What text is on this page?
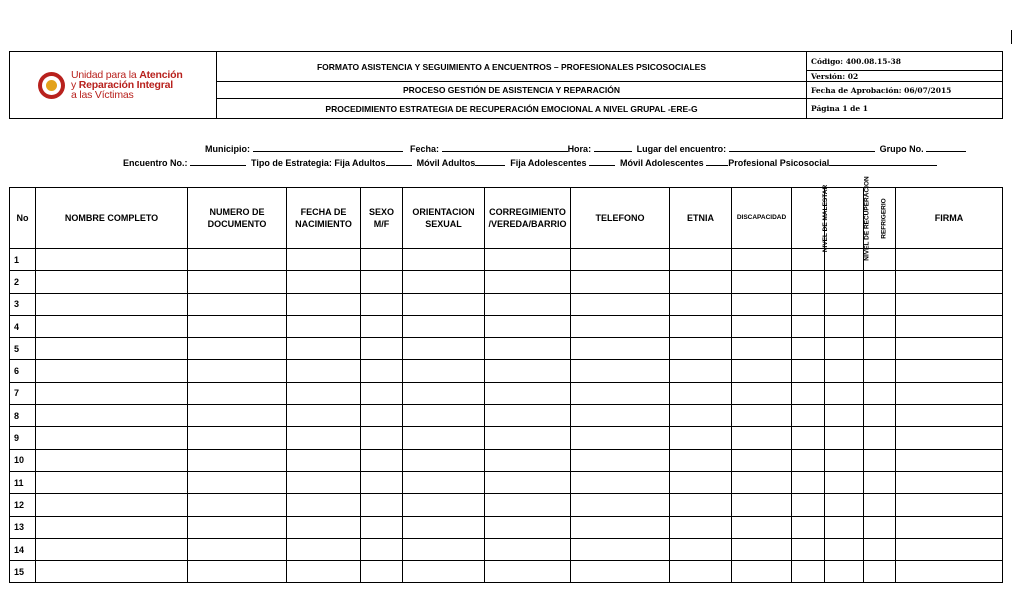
Unidad para la Atención
y Reparación Integral
a las Víctimas	FORMATO ASISTENCIA Y SEGUIMIENTO A ENCUENTROS – PROFESIONALES PSICOSOCIALES	Código: 400.08.15-38
		Versión: 02
	PROCESO GESTIÓN DE ASISTENCIA Y REPARACIÓN	Fecha de Aprobación: 06/07/2015
	PROCEDIMIENTO ESTRATEGIA DE RECUPERACIÓN EMOCIONAL A NIVEL GRUPAL -ERE-G	Página 1 de 1
Municipio:	Fecha:	Hora:	Lugar del encuentro:	Grupo No.
Encuentro No.:	Tipo de Estrategia: Fija Adultos	Móvil Adultos	Fija Adolescentes	Móvil Adolescentes	Profesional Psicosocial
No	NOMBRE COMPLETO	NUMERO DE DOCUMENTO	FECHA DE NACIMIENTO	SEXO M/F	ORIENTACION SEXUAL	CORREGIMIENTO /VEREDA/BARRIO	TELEFONO	ETNIA	DISCAPACIDAD	NIVEL DE MALESTAR	NIVEL DE RECUPERACION	REFRIGERIO	FIRMA
1													
2													
3													
4													
5													
6													
7													
8													
9													
10													
11													
12													
13													
14													
15													
